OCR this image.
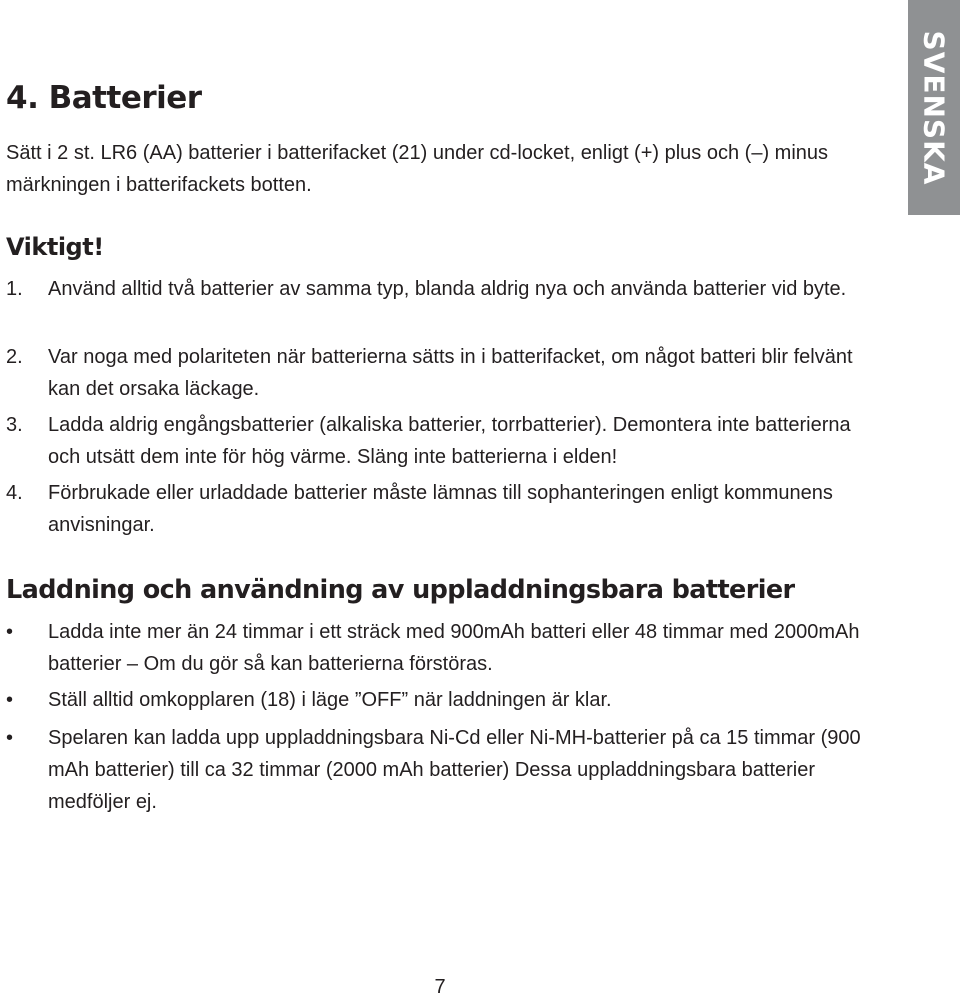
SVENSKA
4. Batterier

Sätt i 2 st. LR6 (AA) batterier i batterifacket (21) under cd-locket, enligt (+) plus och (–) minus märkningen i batterifackets botten.

Viktigt!
1. Använd alltid två batterier av samma typ, blanda aldrig nya och använda batterier vid byte.
2. Var noga med polariteten när batterierna sätts in i batterifacket, om något batteri blir felvänt kan det orsaka läckage.
3. Ladda aldrig engångsbatterier (alkaliska batterier, torrbatterier). Demontera inte batterierna och utsätt dem inte för hög värme. Släng inte batterierna i elden!
4. Förbrukade eller urladdade batterier måste lämnas till sophanteringen enligt kommunens anvisningar.
Laddning och användning av uppladdningsbara batterier
• Ladda inte mer än 24 timmar i ett sträck med 900mAh batteri eller 48 timmar med 2000mAh batterier – Om du gör så kan batterierna förstöras.
• Ställ alltid omkopplaren (18) i läge ”OFF” när laddningen är klar.
• Spelaren kan ladda upp uppladdningsbara Ni-Cd eller Ni-MH-batterier på ca 15 timmar (900 mAh batterier) till ca 32 timmar (2000 mAh batterier) Dessa uppladdningsbara batterier medföljer ej.
7
